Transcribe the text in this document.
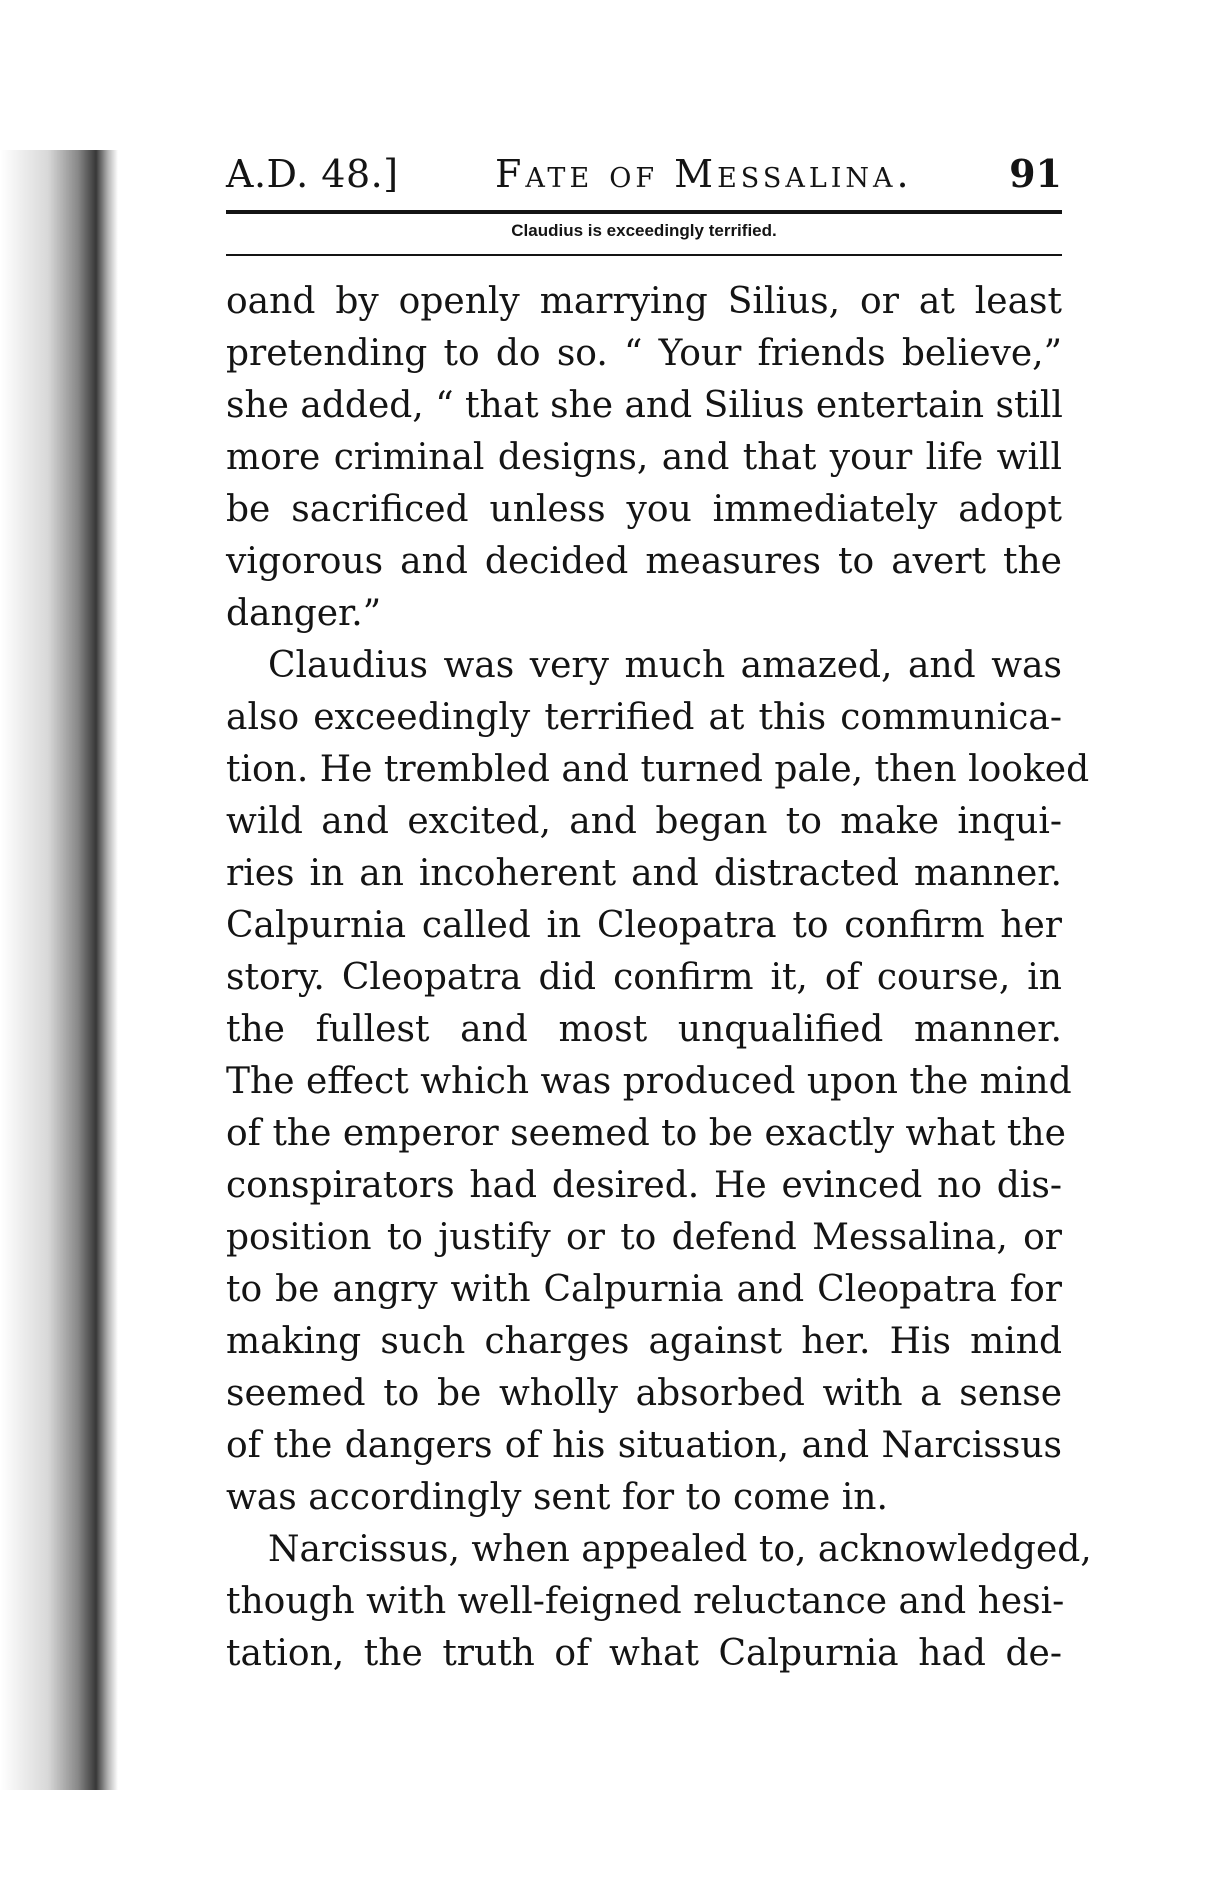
A.D. 48.]	Fate of Messalina.	91
Claudius is exceedingly terrified.
oand by openly marrying Silius, or at least
pretending to do so. “ Your friends believe,”
she added, “ that she and Silius entertain still
more criminal designs, and that your life will
be sacrificed unless you immediately adopt
vigorous and decided measures to avert the
danger.”
Claudius was very much amazed, and was
also exceedingly terrified at this communica-
tion. He trembled and turned pale, then looked
wild and excited, and began to make inqui-
ries in an incoherent and distracted manner.
Calpurnia called in Cleopatra to confirm her
story. Cleopatra did confirm it, of course, in
the fullest and most unqualified manner.
The effect which was produced upon the mind
of the emperor seemed to be exactly what the
conspirators had desired. He evinced no dis-
position to justify or to defend Messalina, or
to be angry with Calpurnia and Cleopatra for
making such charges against her. His mind
seemed to be wholly absorbed with a sense
of the dangers of his situation, and Narcissus
was accordingly sent for to come in.
Narcissus, when appealed to, acknowledged,
though with well-feigned reluctance and hesi-
tation, the truth of what Calpurnia had de-
